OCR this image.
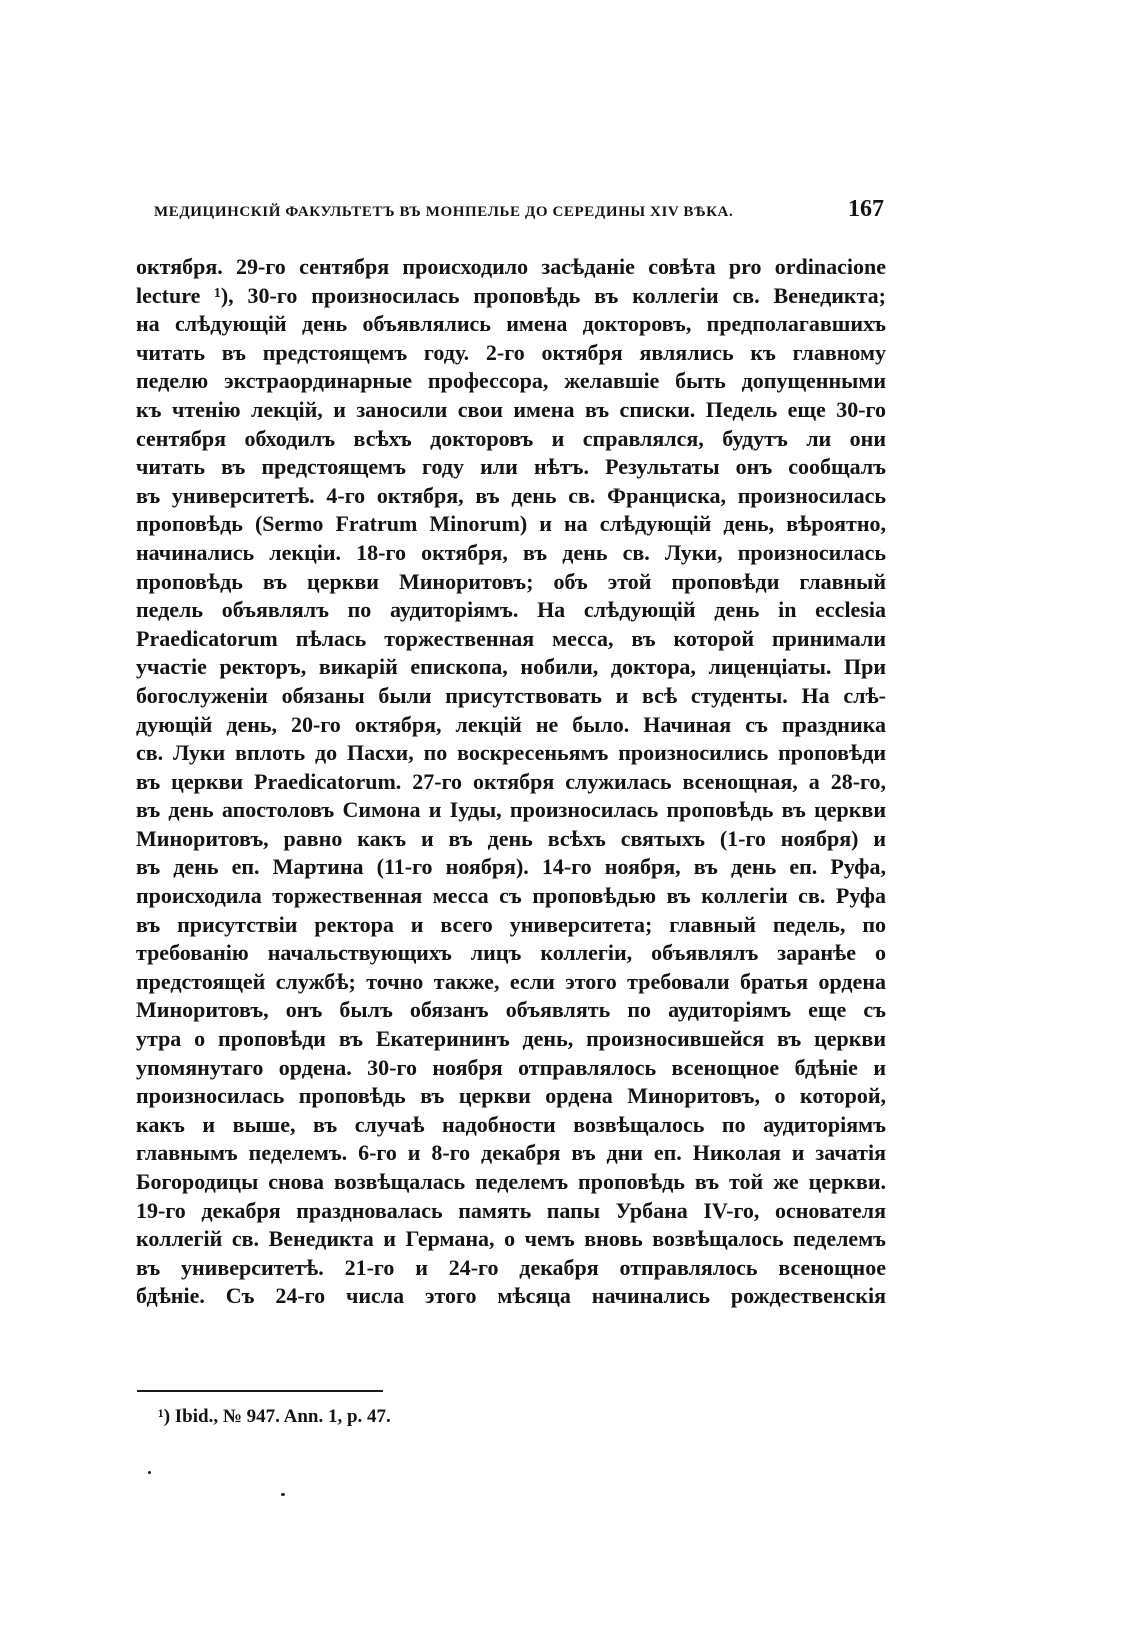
МЕДИЦИНСКІЙ ФАКУЛЬТЕТЪ ВЪ МОНПЕЛЬЕ ДО СЕРЕДИНЫ XIV ВѢКА.	167
октября. 29-го сентября происходило засѣданіе совѣта pro ordinacione
lecture ¹), 30-го произносилась проповѣдь въ коллегіи св. Венедикта;
на слѣдующій день объявлялись имена докторовъ, предполагавшихъ
читать въ предстоящемъ году. 2-го октября являлись къ главному
педелю экстраординарные профессора, желавшіе быть допущенными
къ чтенію лекцій, и заносили свои имена въ списки. Педель еще 30-го
сентября обходилъ всѣхъ докторовъ и справлялся, будутъ ли они
читать въ предстоящемъ году или нѣтъ. Результаты онъ сообщалъ
въ университетѣ. 4-го октября, въ день св. Франциска, произносилась
проповѣдь (Sermo Fratrum Minorum) и на слѣдующій день, вѣроятно,
начинались лекціи. 18-го октября, въ день св. Луки, произносилась
проповѣдь въ церкви Миноритовъ; объ этой проповѣди главный
педель объявлялъ по аудиторіямъ. На слѣдующій день in ecclesia
Praedicatorum пѣлась торжественная месса, въ которой принимали
участіе ректоръ, викарій епископа, нобили, доктора, лиценціаты. При
богослуженіи обязаны были присутствовать и всѣ студенты. На слѣ-
дующій день, 20-го октября, лекцій не было. Начиная съ праздника
св. Луки вплоть до Пасхи, по воскресеньямъ произносились проповѣди
въ церкви Praedicatorum. 27-го октября служилась всенощная, а 28-го,
въ день апостоловъ Симона и Іуды, произносилась проповѣдь въ церкви
Миноритовъ, равно какъ и въ день всѣхъ святыхъ (1-го ноября) и
въ день еп. Мартина (11-го ноября). 14-го ноября, въ день еп. Руфа,
происходила торжественная месса съ проповѣдью въ коллегіи св. Руфа
въ присутствіи ректора и всего университета; главный педель, по
требованію начальствующихъ лицъ коллегіи, объявлялъ заранѣе о
предстоящей службѣ; точно также, если этого требовали братья ордена
Миноритовъ, онъ былъ обязанъ объявлять по аудиторіямъ еще съ
утра о проповѣди въ Екатерининъ день, произносившейся въ церкви
упомянутаго ордена. 30-го ноября отправлялось всенощное бдѣніе и
произносилась проповѣдь въ церкви ордена Миноритовъ, о которой,
какъ и выше, въ случаѣ надобности возвѣщалось по аудиторіямъ
главнымъ педелемъ. 6-го и 8-го декабря въ дни еп. Николая и зачатія
Богородицы снова возвѣщалась педелемъ проповѣдь въ той же церкви.
19-го декабря праздновалась память папы Урбана IV-го, основателя
коллегій св. Венедикта и Германа, о чемъ вновь возвѣщалось педелемъ
въ университетѣ. 21-го и 24-го декабря отправлялось всенощное
бдѣніе. Съ 24-го числа этого мѣсяца начинались рождественскія
¹) Ibid., № 947. Ann. 1, p. 47.
